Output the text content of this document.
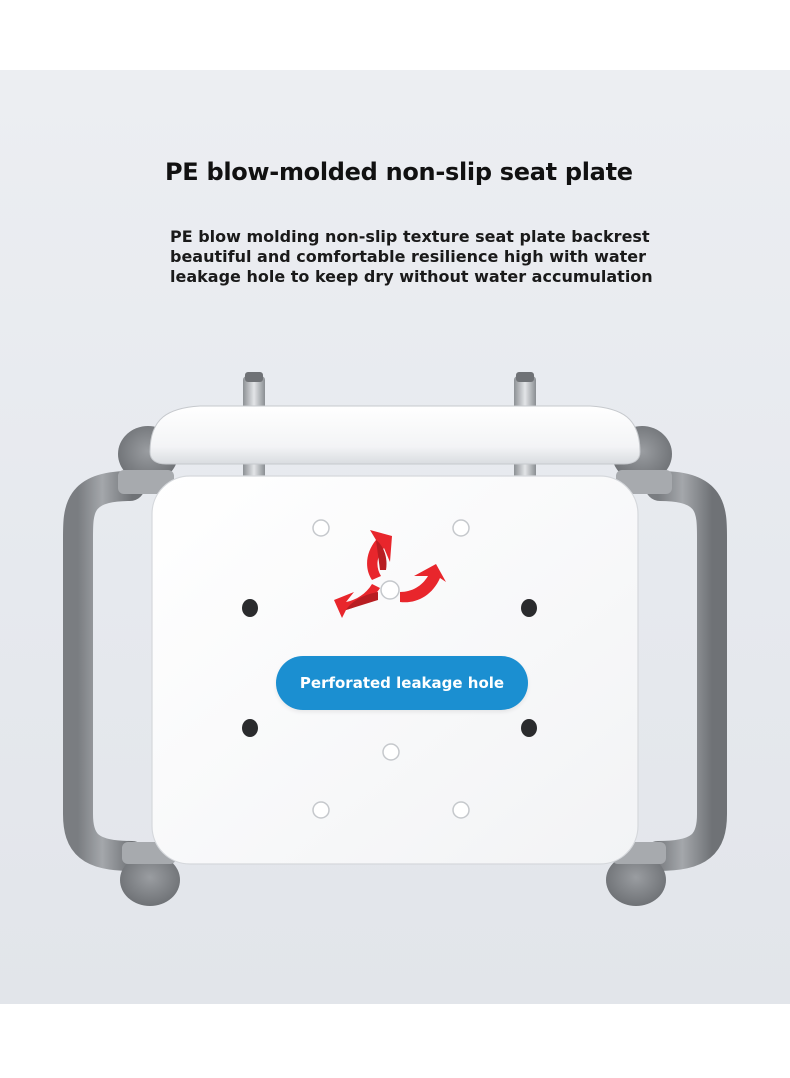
PE blow-molded non-slip seat plate
PE blow molding non-slip texture seat plate backrest
beautiful and comfortable resilience high with water
leakage hole to keep dry without water accumulation
Perforated leakage hole
